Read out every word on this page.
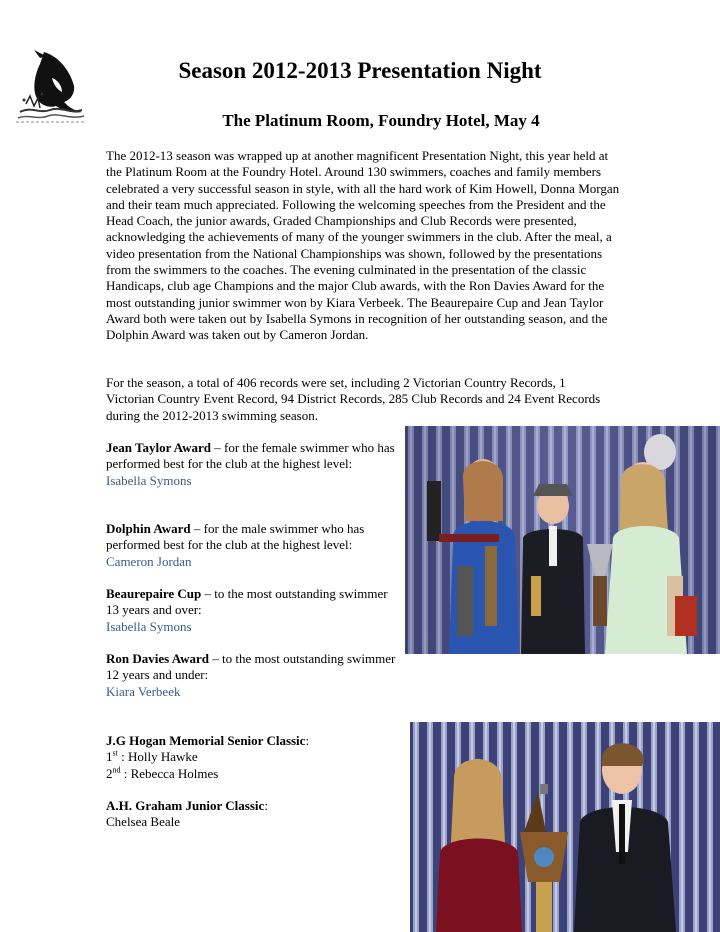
Season 2012-2013 Presentation Night
The Platinum Room, Foundry Hotel, May 4
The 2012-13 season was wrapped up at another magnificent Presentation Night, this year held at the Platinum Room at the Foundry Hotel. Around 130 swimmers, coaches and family members celebrated a very successful season in style, with all the hard work of Kim Howell, Donna Morgan and their team much appreciated. Following the welcoming speeches from the President and the Head Coach, the junior awards, Graded Championships and Club Records were presented, acknowledging the achievements of many of the younger swimmers in the club. After the meal, a video presentation from the National Championships was shown, followed by the presentations from the swimmers to the coaches. The evening culminated in the presentation of the classic Handicaps, club age Champions and the major Club awards, with the Ron Davies Award for the most outstanding junior swimmer won by Kiara Verbeek. The Beaurepaire Cup and Jean Taylor Award both were taken out by Isabella Symons in recognition of her outstanding season, and the Dolphin Award was taken out by Cameron Jordan.
For the season, a total of 406 records were set, including 2 Victorian Country Records, 1 Victorian Country Event Record, 94 District Records, 285 Club Records and 24 Event Records during the 2012-2013 swimming season.
Jean Taylor Award – for the female swimmer who has performed best for the club at the highest level:
Isabella Symons
Dolphin Award – for the male swimmer who has performed best for the club at the highest level:
Cameron Jordan
Beaurepaire Cup – to the most outstanding swimmer 13 years and over:
Isabella Symons
Ron Davies Award – to the most outstanding swimmer 12 years and under:
Kiara Verbeek
J.G Hogan Memorial Senior Classic:
1st : Holly Hawke
2nd : Rebecca Holmes
A.H. Graham Junior Classic:
Chelsea Beale
